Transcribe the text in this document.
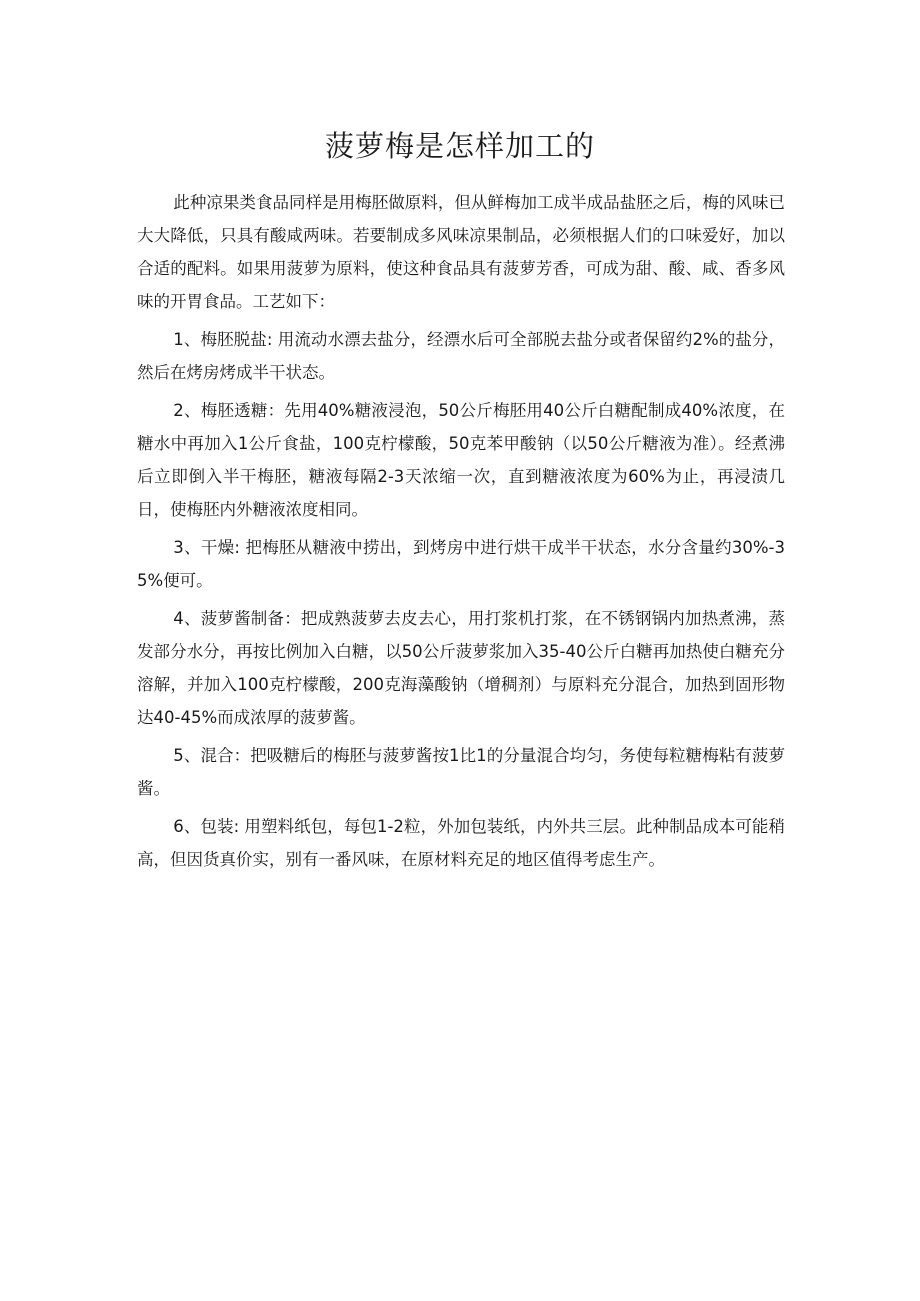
菠萝梅是怎样加工的

此种凉果类食品同样是用梅胚做原料，但从鲜梅加工成半成品盐胚之后，梅的风味已大大降低，只具有酸咸两味。若要制成多风味凉果制品，必须根据人们的口味爱好，加以合适的配料。如果用菠萝为原料，使这种食品具有菠萝芳香，可成为甜、酸、咸、香多风味的开胃食品。工艺如下：

1、梅胚脱盐: 用流动水漂去盐分，经漂水后可全部脱去盐分或者保留约2%的盐分，然后在烤房烤成半干状态。

2、梅胚透糖：先用40%糖液浸泡，50公斤梅胚用40公斤白糖配制成40%浓度，在糖水中再加入1公斤食盐，100克柠檬酸，50克苯甲酸钠（以50公斤糖液为准）。经煮沸后立即倒入半干梅胚，糖液每隔2-3天浓缩一次，直到糖液浓度为60%为止，再浸渍几日，使梅胚内外糖液浓度相同。

3、干燥: 把梅胚从糖液中捞出，到烤房中进行烘干成半干状态，水分含量约30%-35%便可。

4、菠萝酱制备：把成熟菠萝去皮去心，用打浆机打浆，在不锈钢锅内加热煮沸，蒸发部分水分，再按比例加入白糖，以50公斤菠萝浆加入35-40公斤白糖再加热使白糖充分溶解，并加入100克柠檬酸，200克海藻酸钠（增稠剂）与原料充分混合，加热到固形物达40-45%而成浓厚的菠萝酱。

5、混合：把吸糖后的梅胚与菠萝酱按1比1的分量混合均匀，务使每粒糖梅粘有菠萝酱。

6、包装: 用塑料纸包，每包1-2粒，外加包装纸，内外共三层。此种制品成本可能稍高，但因货真价实，别有一番风味，在原材料充足的地区值得考虑生产。
